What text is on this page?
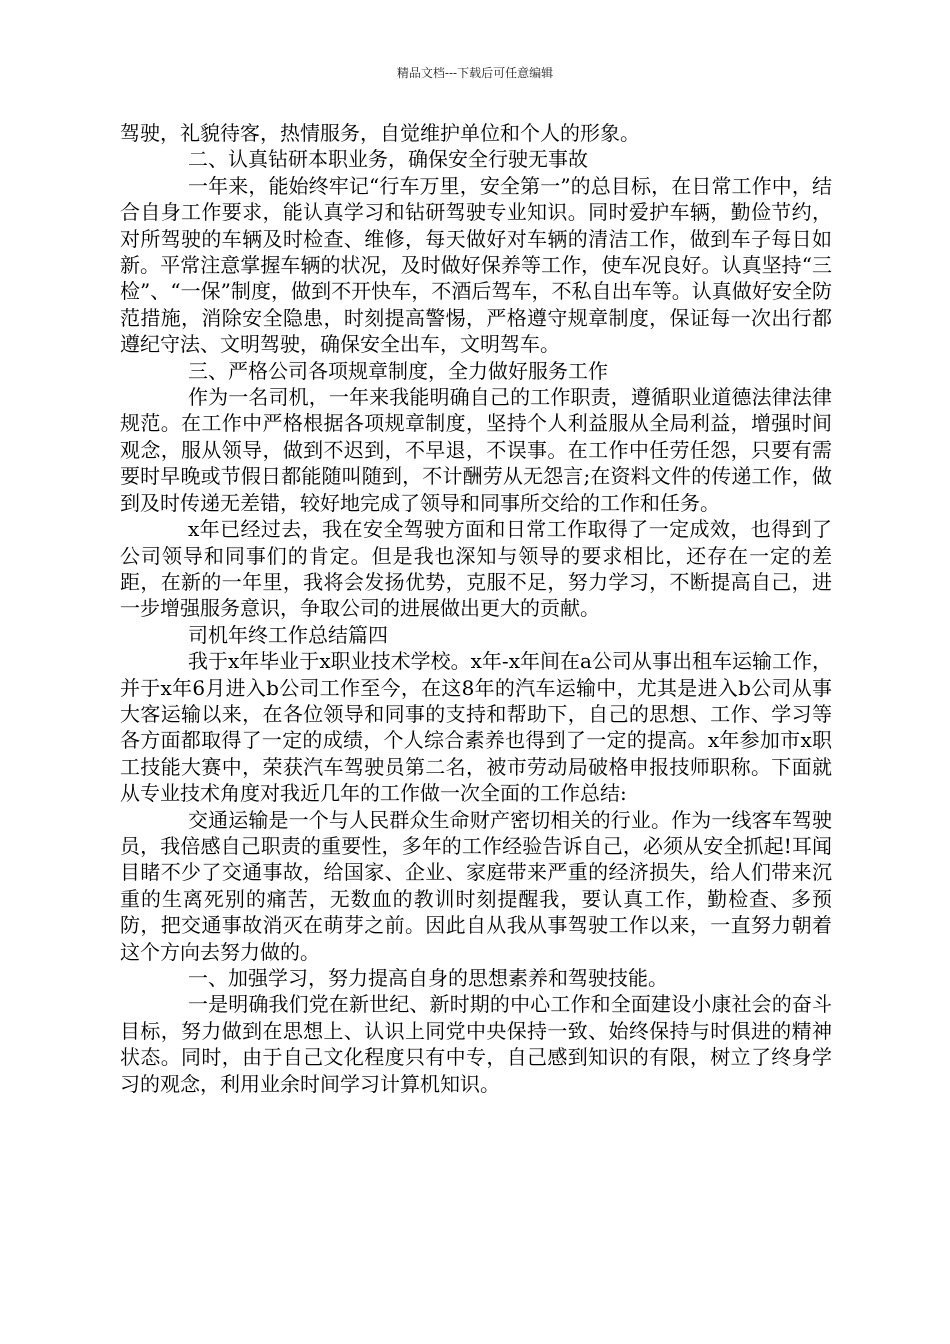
精品文档---下载后可任意编辑

驾驶，礼貌待客，热情服务，自觉维护单位和个人的形象。

二、认真钻研本职业务，确保安全行驶无事故

一年来，能始终牢记“行车万里，安全第一”的总目标，在日常工作中，结合自身工作要求，能认真学习和钻研驾驶专业知识。同时爱护车辆，勤俭节约，对所驾驶的车辆及时检查、维修，每天做好对车辆的清洁工作，做到车子每日如新。平常注意掌握车辆的状况，及时做好保养等工作，使车况良好。认真坚持“三检”、“一保”制度，做到不开快车，不酒后驾车，不私自出车等。认真做好安全防范措施，消除安全隐患，时刻提高警惕，严格遵守规章制度，保证每一次出行都遵纪守法、文明驾驶，确保安全出车，文明驾车。

三、严格公司各项规章制度，全力做好服务工作

作为一名司机，一年来我能明确自己的工作职责，遵循职业道德法律法律规范。在工作中严格根据各项规章制度，坚持个人利益服从全局利益，增强时间观念，服从领导，做到不迟到，不早退，不误事。在工作中任劳任怨，只要有需要时早晚或节假日都能随叫随到，不计酬劳从无怨言;在资料文件的传递工作，做到及时传递无差错，较好地完成了领导和同事所交给的工作和任务。

x年已经过去，我在安全驾驶方面和日常工作取得了一定成效，也得到了公司领导和同事们的肯定。但是我也深知与领导的要求相比，还存在一定的差距，在新的一年里，我将会发扬优势，克服不足，努力学习，不断提高自己，进一步增强服务意识，争取公司的进展做出更大的贡献。

司机年终工作总结篇四

我于x年毕业于x职业技术学校。x年-x年间在a公司从事出租车运输工作，并于x年6月进入b公司工作至今，在这8年的汽车运输中，尤其是进入b公司从事大客运输以来，在各位领导和同事的支持和帮助下，自己的思想、工作、学习等各方面都取得了一定的成绩，个人综合素养也得到了一定的提高。x年参加市x职工技能大赛中，荣获汽车驾驶员第二名，被市劳动局破格申报技师职称。下面就从专业技术角度对我近几年的工作做一次全面的工作总结:

交通运输是一个与人民群众生命财产密切相关的行业。作为一线客车驾驶员，我倍感自己职责的重要性，多年的工作经验告诉自己，必须从安全抓起!耳闻目睹不少了交通事故，给国家、企业、家庭带来严重的经济损失，给人们带来沉重的生离死别的痛苦，无数血的教训时刻提醒我，要认真工作，勤检查、多预防，把交通事故消灭在萌芽之前。因此自从我从事驾驶工作以来，一直努力朝着这个方向去努力做的。

一、加强学习，努力提高自身的思想素养和驾驶技能。

一是明确我们党在新世纪、新时期的中心工作和全面建设小康社会的奋斗目标，努力做到在思想上、认识上同党中央保持一致、始终保持与时俱进的精神状态。同时，由于自己文化程度只有中专，自己感到知识的有限，树立了终身学习的观念，利用业余时间学习计算机知识。
